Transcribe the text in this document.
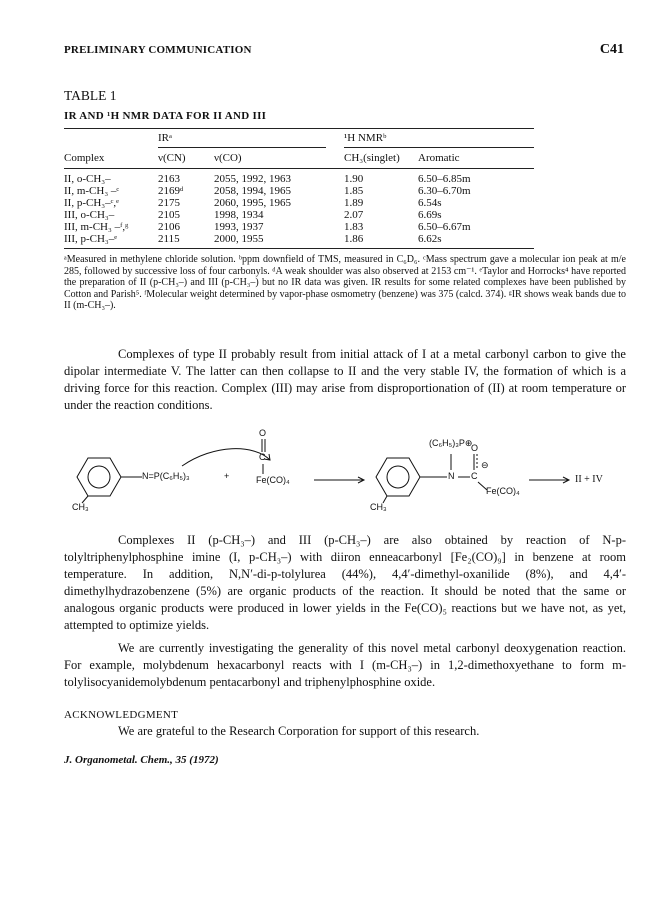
PRELIMINARY COMMUNICATION	C41
TABLE 1
IR AND ¹H NMR DATA FOR II AND III
	IRᵃ			¹H NMRᵇ	
Complex	ν(CN)	ν(CO)		CH₃(singlet)	Aromatic
II, o-CH₃–	2163	2055, 1992, 1963		1.90	6.50–6.85m
II, m-CH₃ –ᶜ	2169ᵈ	2058, 1994, 1965		1.85	6.30–6.70m
II, p-CH₃–ᶜ,ᵉ	2175	2060, 1995, 1965		1.89	6.54s
III, o-CH₃–	2105	1998, 1934		2.07	6.69s
III, m-CH₃ –ᶠ,ᵍ	2106	1993, 1937		1.83	6.50–6.67m
III, p-CH₃–ᵉ	2115	2000, 1955		1.86	6.62s
ᵃMeasured in methylene chloride solution. ᵇppm downfield of TMS, measured in C₆D₆. ᶜMass spectrum gave a molecular ion peak at m/e 285, followed by successive loss of four carbonyls. ᵈA weak shoulder was also observed at 2153 cm⁻¹. ᵉTaylor and Horrocks⁴ have reported the preparation of II (p-CH₃–) and III (p-CH₃–) but no IR data was given. IR results for some related complexes have been published by Cotton and Parish⁵. ᶠMolecular weight determined by vapor-phase osmometry (benzene) was 375 (calcd. 374). ᵍIR shows weak bands due to II (m-CH₃–).

Complexes of type II probably result from initial attack of I at a metal carbonyl carbon to give the dipolar intermediate V. The latter can then collapse to II and the very stable IV, the formation of which is a driving force for this reaction. Complex (III) may arise from disproportionation of (II) at room temperature or under the reaction conditions.

CH₃
N=P(C₆H₅)₃	+
O
C
Fe(CO)₄
(C₆H₅)₃P⊕
O
⊖
N C
Fe(CO)₄
CH₃
II + IV

Complexes II (p-CH₃–) and III (p-CH₃–) are also obtained by reaction of N-p-tolyltriphenylphosphine imine (I, p-CH₃–) with diiron enneacarbonyl [Fe₂(CO)₉] in benzene at room temperature. In addition, N,N′-di-p-tolylurea (44%), 4,4′-dimethyl-oxanilide (8%), and 4,4′-dimethylhydrazobenzene (5%) are organic products of the reaction. It should be noted that the same or analogous organic products were produced in lower yields in the Fe(CO)₅ reactions but we have not, as yet, attempted to optimize yields.

We are currently investigating the generality of this novel metal carbonyl deoxygenation reaction. For example, molybdenum hexacarbonyl reacts with I (m-CH₃–) in 1,2-dimethoxyethane to form m-tolylisocyanidemolybdenum pentacarbonyl and triphenylphosphine oxide.

ACKNOWLEDGMENT

We are grateful to the Research Corporation for support of this research.

J. Organometal. Chem., 35 (1972)
